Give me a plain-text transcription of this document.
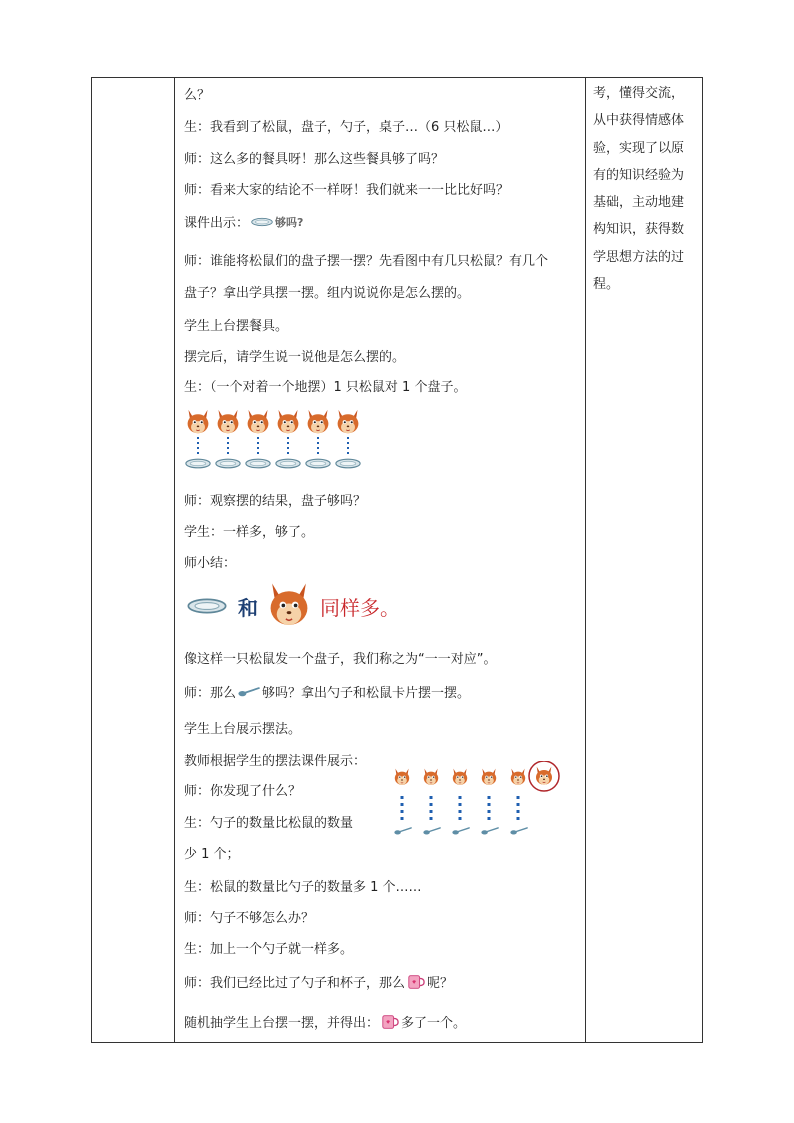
么？
生：我看到了松鼠，盘子，勺子，桌子…（6 只松鼠…）
师：这么多的餐具呀！那么这些餐具够了吗？
师：看来大家的结论不一样呀！我们就来一一比比好吗？
课件出示： 够吗?
师：谁能将松鼠们的盘子摆一摆？先看图中有几只松鼠？有几个
盘子？拿出学具摆一摆。组内说说你是怎么摆的。
学生上台摆餐具。
摆完后，请学生说一说他是怎么摆的。
生：（一个对着一个地摆）1 只松鼠对 1 个盘子。
师：观察摆的结果，盘子够吗？
学生：一样多，够了。
师小结：
和	同样多。
像这样一只松鼠发一个盘子，我们称之为“一一对应”。
师：那么 够吗？拿出勺子和松鼠卡片摆一摆。
学生上台展示摆法。
教师根据学生的摆法课件展示：
师：你发现了什么？
生：勺子的数量比松鼠的数量
少 1 个；
生：松鼠的数量比勺子的数量多 1 个……
师：勺子不够怎么办？
生：加上一个勺子就一样多。
师：我们已经比过了勺子和杯子，那么 呢？
随机抽学生上台摆一摆，并得出： 多了一个。
考，懂得交流，
从中获得情感体
验，实现了以原
有的知识经验为
基础，主动地建
构知识，获得数
学思想方法的过
程。
